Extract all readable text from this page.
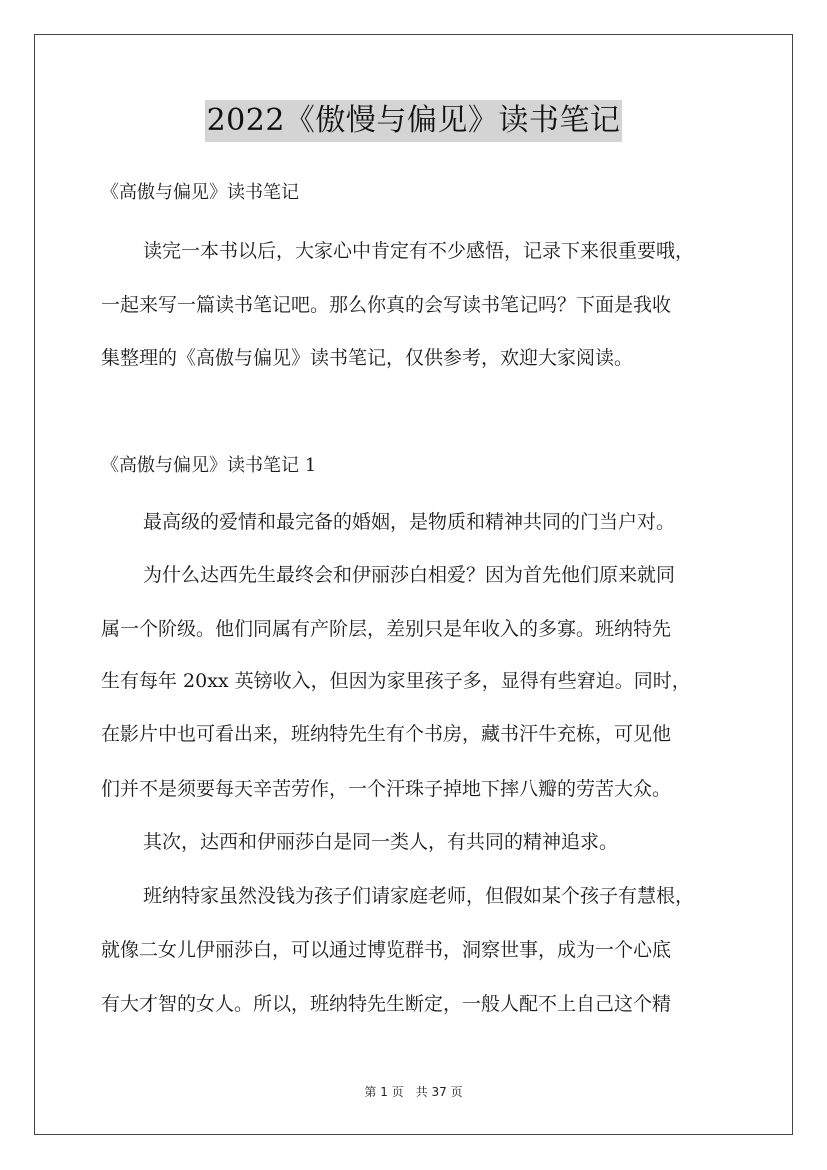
2022《傲慢与偏见》读书笔记
《高傲与偏见》读书笔记
读完一本书以后，大家心中肯定有不少感悟，记录下来很重要哦，
一起来写一篇读书笔记吧。那么你真的会写读书笔记吗？下面是我收
集整理的《高傲与偏见》读书笔记，仅供参考，欢迎大家阅读。
《高傲与偏见》读书笔记 1
最高级的爱情和最完备的婚姻，是物质和精神共同的门当户对。
为什么达西先生最终会和伊丽莎白相爱？因为首先他们原来就同
属一个阶级。他们同属有产阶层，差别只是年收入的多寡。班纳特先
生有每年 20xx 英镑收入，但因为家里孩子多，显得有些窘迫。同时，
在影片中也可看出来，班纳特先生有个书房，藏书汗牛充栋，可见他
们并不是须要每天辛苦劳作，一个汗珠子掉地下摔八瓣的劳苦大众。
其次，达西和伊丽莎白是同一类人，有共同的精神追求。
班纳特家虽然没钱为孩子们请家庭老师，但假如某个孩子有慧根，
就像二女儿伊丽莎白，可以通过博览群书，洞察世事，成为一个心底
有大才智的女人。所以，班纳特先生断定，一般人配不上自己这个精
第 1 页 共 37 页
